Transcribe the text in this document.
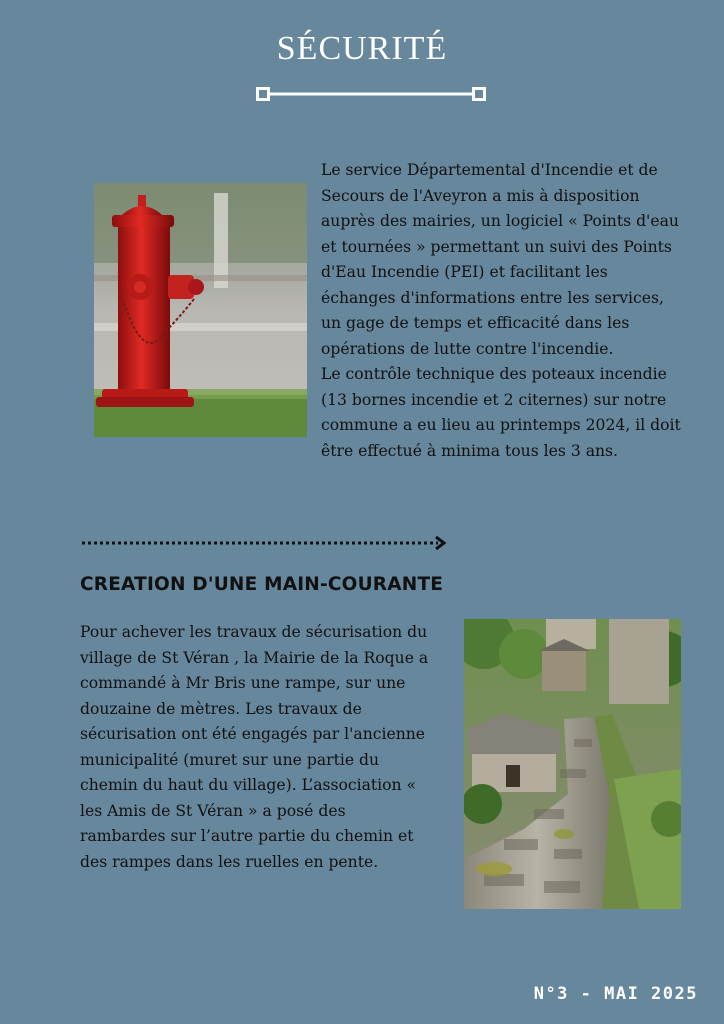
SÉCURITÉ

Le service Départemental d'Incendie et de Secours de l'Aveyron a mis à disposition auprès des mairies, un logiciel « Points d'eau et tournées » permettant un suivi des Points d'Eau Incendie (PEI) et facilitant les échanges d'informations entre les services, un gage de temps et efficacité dans les opérations de lutte contre l'incendie.

Le contrôle technique des poteaux incendie (13 bornes incendie et 2 citernes) sur notre commune a eu lieu au printemps 2024, il doit être effectué à minima tous les 3 ans.

CREATION D'UNE MAIN-COURANTE

Pour achever les travaux de sécurisation du village de St Véran , la Mairie de la Roque a commandé à Mr Bris une rampe, sur une douzaine de mètres. Les travaux de sécurisation ont été engagés par l'ancienne municipalité (muret sur une partie du chemin du haut du village). L’association « les Amis de St Véran » a posé des rambardes sur l’autre partie du chemin et des rampes dans les ruelles en pente.

N°3 - MAI 2025
